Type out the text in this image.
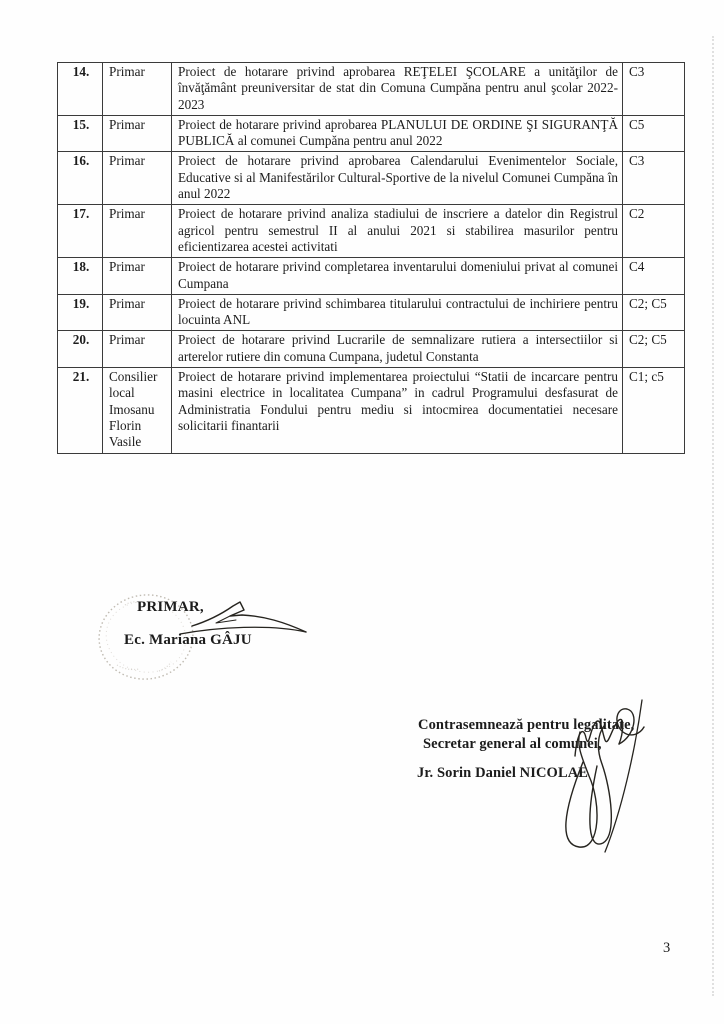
14.	Primar	Proiect de hotarare privind aprobarea REŢELEI ŞCOLARE a unităţilor de învăţământ preuniversitar de stat din Comuna Cumpăna pentru anul şcolar 2022-2023	C3
15.	Primar	Proiect de hotarare privind aprobarea PLANULUI DE ORDINE ŞI SIGURANŢĂ PUBLICĂ al comunei Cumpăna pentru anul 2022	C5
16.	Primar	Proiect de hotarare privind aprobarea Calendarului Evenimentelor Sociale, Educative si al Manifestărilor Cultural-Sportive de la nivelul Comunei Cumpăna în anul 2022	C3
17.	Primar	Proiect de hotarare privind analiza stadiului de inscriere a datelor din Registrul agricol pentru semestrul II al anului 2021 si stabilirea masurilor pentru eficientizarea acestei activitati	C2
18.	Primar	Proiect de hotarare privind completarea inventarului domeniului privat al comunei Cumpana	C4
19.	Primar	Proiect de hotarare privind schimbarea titularului contractului de inchiriere pentru locuinta ANL	C2; C5
20.	Primar	Proiect de hotarare privind Lucrarile de semnalizare rutiera a intersectiilor si arterelor rutiere din comuna Cumpana, judetul Constanta	C2; C5
21.	Consilier local Imosanu Florin Vasile	Proiect de hotarare privind implementarea proiectului “Statii de incarcare pentru masini electrice in localitatea Cumpana” in cadrul Programului desfasurat de Administratia Fondului pentru mediu si intocmirea documentatiei necesare solicitarii finantarii	C1; c5
PRIMAR,
Ec. Mariana GÂJU
Contrasemnează pentru legalitate,
Secretar general al comunei,
Jr. Sorin Daniel NICOLAE
3
